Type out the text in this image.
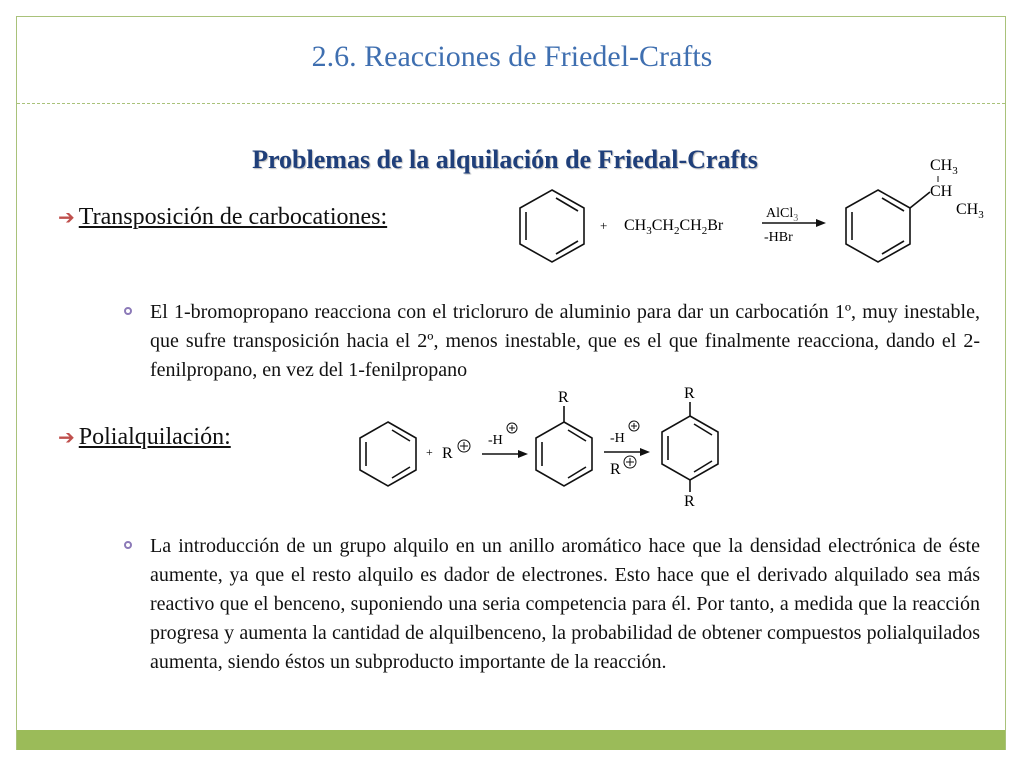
2.6. Reacciones de Friedel-Crafts
Problemas de la alquilación de Friedal-Crafts
➔ Transposición de carbocationes:	+ $CH_3CH_2CH_2Br$
AlCl$_3$
-HBr
$CH_3$
CH
$CH_3$
El 1-bromopropano reacciona con el tricloruro de aluminio para dar un carbocatión 1º, muy inestable, que sufre transposición hacia el 2º, menos inestable, que es el que finalmente reacciona, dando el 2-fenilpropano, en vez del 1-fenilpropano
➔ Polialquilación:
+ R
-H
R
-H
R
R
R
La introducción de un grupo alquilo en un anillo aromático hace que la densidad electrónica de éste aumente, ya que el resto alquilo es dador de electrones. Esto hace que el derivado alquilado sea más reactivo que el benceno, suponiendo una seria competencia para él. Por tanto, a medida que la reacción progresa y aumenta la cantidad de alquilbenceno, la probabilidad de obtener compuestos polialquilados aumenta, siendo éstos un subproducto importante de la reacción.
